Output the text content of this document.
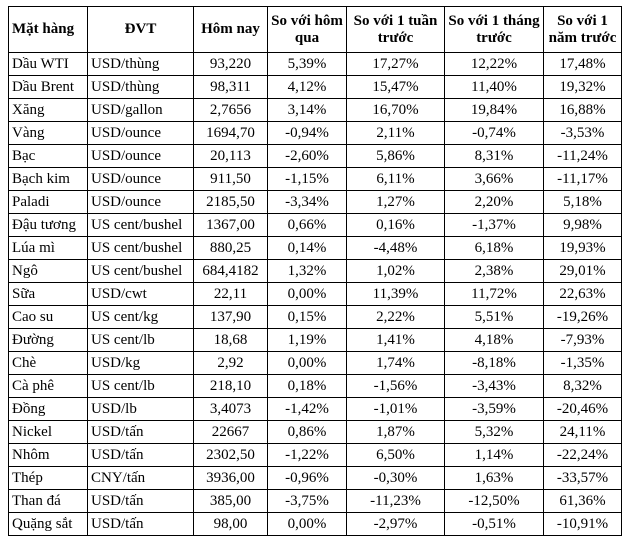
Mặt hàng	ĐVT	Hôm nay	So với hôm qua	So với 1 tuần trước	So với 1 tháng trước	So với 1 năm trước
Dầu WTI	USD/thùng	93,220	5,39%	17,27%	12,22%	17,48%
Dầu Brent	USD/thùng	98,311	4,12%	15,47%	11,40%	19,32%
Xăng	USD/gallon	2,7656	3,14%	16,70%	19,84%	16,88%
Vàng	USD/ounce	1694,70	-0,94%	2,11%	-0,74%	-3,53%
Bạc	USD/ounce	20,113	-2,60%	5,86%	8,31%	-11,24%
Bạch kim	USD/ounce	911,50	-1,15%	6,11%	3,66%	-11,17%
Paladi	USD/ounce	2185,50	-3,34%	1,27%	2,20%	5,18%
Đậu tương	US cent/bushel	1367,00	0,66%	0,16%	-1,37%	9,98%
Lúa mì	US cent/bushel	880,25	0,14%	-4,48%	6,18%	19,93%
Ngô	US cent/bushel	684,4182	1,32%	1,02%	2,38%	29,01%
Sữa	USD/cwt	22,11	0,00%	11,39%	11,72%	22,63%
Cao su	US cent/kg	137,90	0,15%	2,22%	5,51%	-19,26%
Đường	US cent/lb	18,68	1,19%	1,41%	4,18%	-7,93%
Chè	USD/kg	2,92	0,00%	1,74%	-8,18%	-1,35%
Cà phê	US cent/lb	218,10	0,18%	-1,56%	-3,43%	8,32%
Đồng	USD/lb	3,4073	-1,42%	-1,01%	-3,59%	-20,46%
Nickel	USD/tấn	22667	0,86%	1,87%	5,32%	24,11%
Nhôm	USD/tấn	2302,50	-1,22%	6,50%	1,14%	-22,24%
Thép	CNY/tấn	3936,00	-0,96%	-0,30%	1,63%	-33,57%
Than đá	USD/tấn	385,00	-3,75%	-11,23%	-12,50%	61,36%
Quặng sắt	USD/tấn	98,00	0,00%	-2,97%	-0,51%	-10,91%
